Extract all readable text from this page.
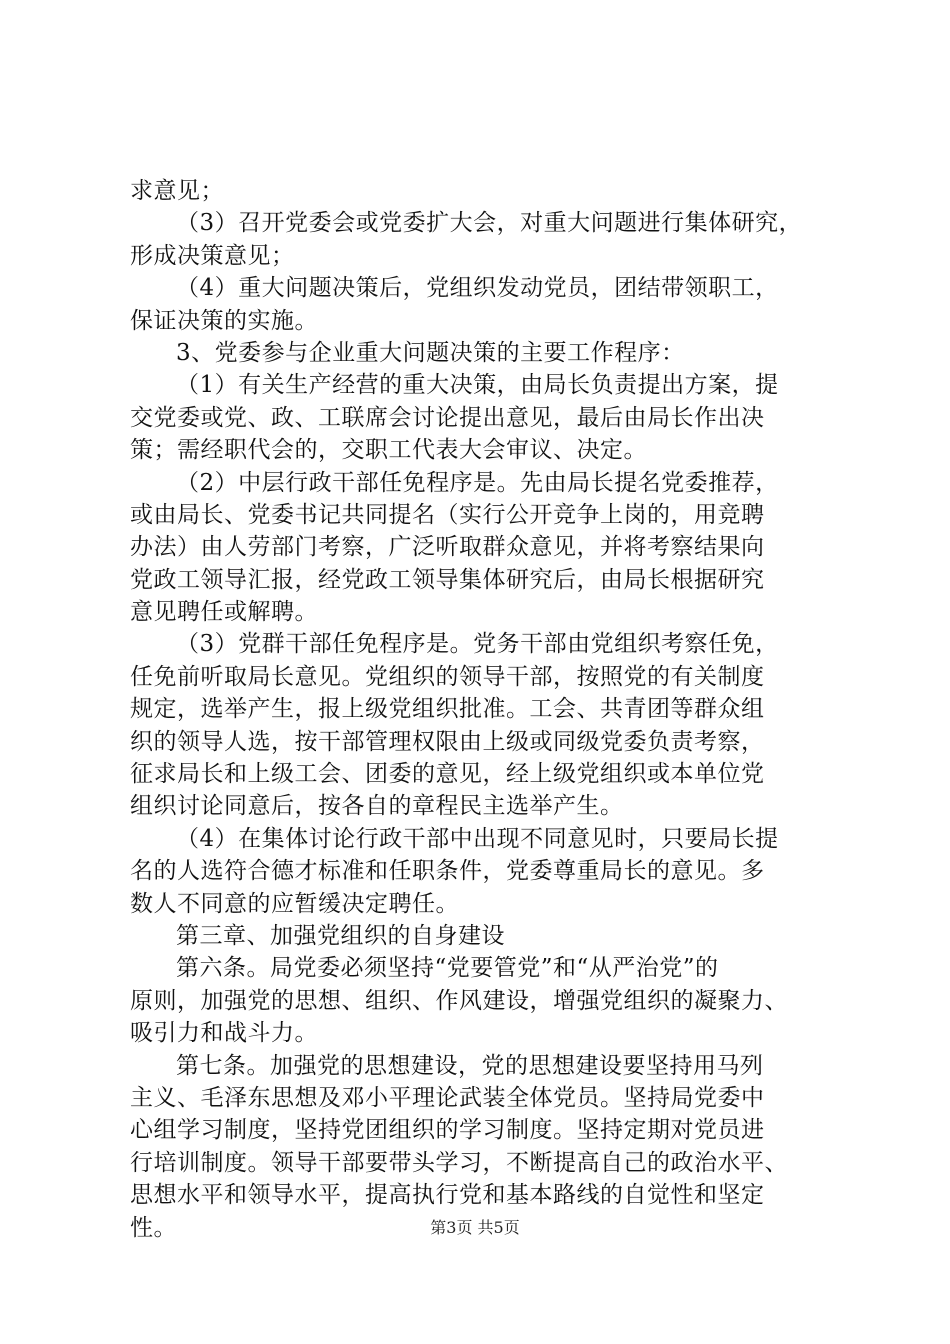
求意见；
（3）召开党委会或党委扩大会，对重大问题进行集体研究，
形成决策意见；
（4）重大问题决策后，党组织发动党员，团结带领职工，
保证决策的实施。
3、党委参与企业重大问题决策的主要工作程序：
（1）有关生产经营的重大决策，由局长负责提出方案，提
交党委或党、政、工联席会讨论提出意见，最后由局长作出决
策；需经职代会的，交职工代表大会审议、决定。
（2）中层行政干部任免程序是。先由局长提名党委推荐，
或由局长、党委书记共同提名（实行公开竞争上岗的，用竞聘
办法）由人劳部门考察，广泛听取群众意见，并将考察结果向
党政工领导汇报，经党政工领导集体研究后，由局长根据研究
意见聘任或解聘。
（3）党群干部任免程序是。党务干部由党组织考察任免，
任免前听取局长意见。党组织的领导干部，按照党的有关制度
规定，选举产生，报上级党组织批准。工会、共青团等群众组
织的领导人选，按干部管理权限由上级或同级党委负责考察，
征求局长和上级工会、团委的意见，经上级党组织或本单位党
组织讨论同意后，按各自的章程民主选举产生。
（4）在集体讨论行政干部中出现不同意见时，只要局长提
名的人选符合德才标准和任职条件，党委尊重局长的意见。多
数人不同意的应暂缓决定聘任。
第三章、加强党组织的自身建设
第六条。局党委必须坚持“党要管党”和“从严治党”的
原则，加强党的思想、组织、作风建设，增强党组织的凝聚力、
吸引力和战斗力。
第七条。加强党的思想建设，党的思想建设要坚持用马列
主义、毛泽东思想及邓小平理论武装全体党员。坚持局党委中
心组学习制度，坚持党团组织的学习制度。坚持定期对党员进
行培训制度。领导干部要带头学习，不断提高自己的政治水平、
思想水平和领导水平，提高执行党和基本路线的自觉性和坚定
性。	第3页 共5页
